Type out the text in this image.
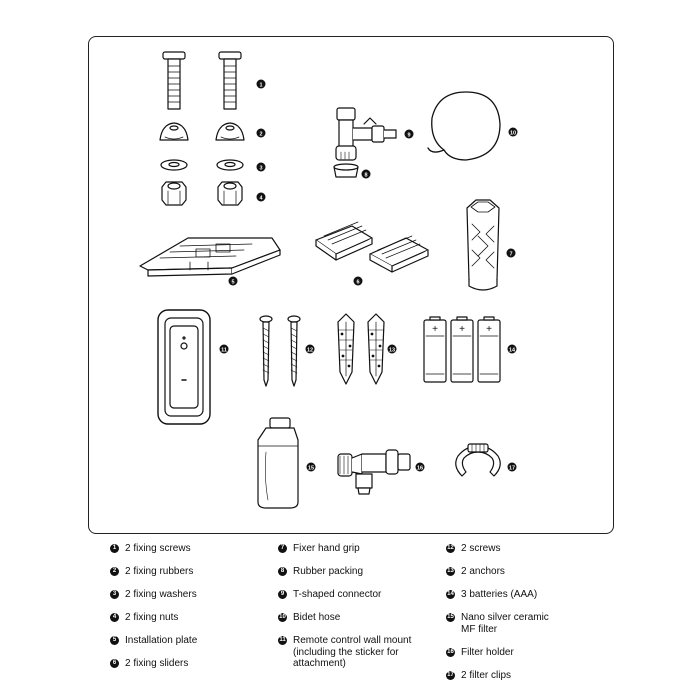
+ + +
1
2
3
4
5	6
7
8
9	10
11	12	13	14
15	16	17
1 2 fixing screws
2 2 fixing rubbers
3 2 fixing washers
4 2 fixing nuts
5 Installation plate
6 2 fixing sliders
7 Fixer hand grip
8 Rubber packing
9 T-shaped connector
10 Bidet hose
11 Remote control wall mount
(including the sticker for
attachment)
12 2 screws
13 2 anchors
14 3 batteries (AAA)
15 Nano silver ceramic
MF filter
16 Filter holder
17 2 filter clips
